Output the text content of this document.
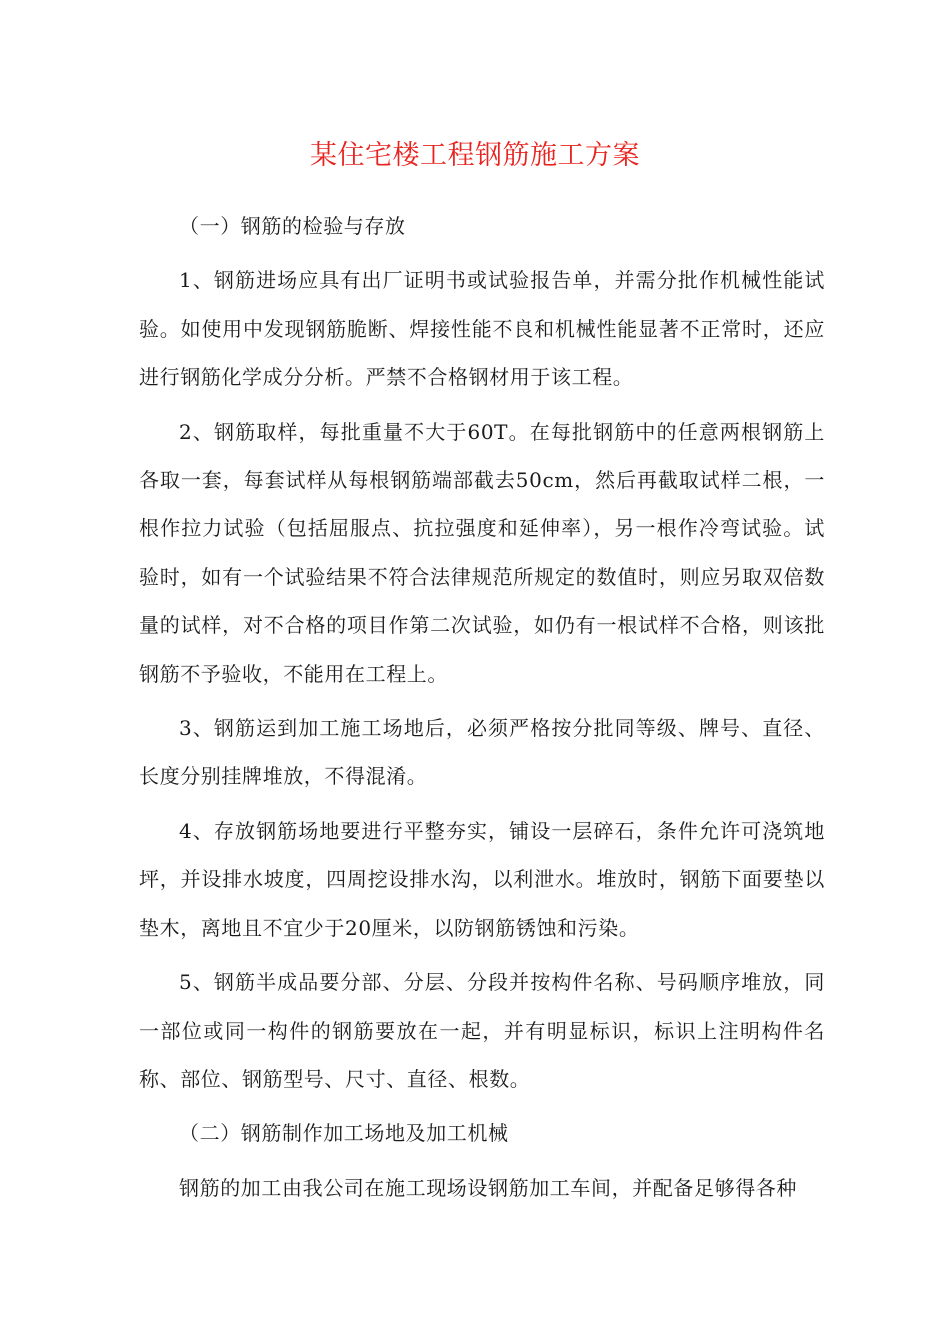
某住宅楼工程钢筋施工方案

（一）钢筋的检验与存放

1、钢筋进场应具有出厂证明书或试验报告单，并需分批作机械性能试验。如使用中发现钢筋脆断、焊接性能不良和机械性能显著不正常时，还应进行钢筋化学成分分析。严禁不合格钢材用于该工程。

2、钢筋取样，每批重量不大于60T。在每批钢筋中的任意两根钢筋上各取一套，每套试样从每根钢筋端部截去50cm，然后再截取试样二根，一根作拉力试验（包括屈服点、抗拉强度和延伸率），另一根作冷弯试验。试验时，如有一个试验结果不符合法律规范所规定的数值时，则应另取双倍数量的试样，对不合格的项目作第二次试验，如仍有一根试样不合格，则该批钢筋不予验收，不能用在工程上。

3、钢筋运到加工施工场地后，必须严格按分批同等级、牌号、直径、长度分别挂牌堆放，不得混淆。

4、存放钢筋场地要进行平整夯实，铺设一层碎石，条件允许可浇筑地坪，并设排水坡度，四周挖设排水沟，以利泄水。堆放时，钢筋下面要垫以垫木，离地且不宜少于20厘米，以防钢筋锈蚀和污染。

5、钢筋半成品要分部、分层、分段并按构件名称、号码顺序堆放，同一部位或同一构件的钢筋要放在一起，并有明显标识，标识上注明构件名称、部位、钢筋型号、尺寸、直径、根数。

（二）钢筋制作加工场地及加工机械

钢筋的加工由我公司在施工现场设钢筋加工车间，并配备足够得各种
